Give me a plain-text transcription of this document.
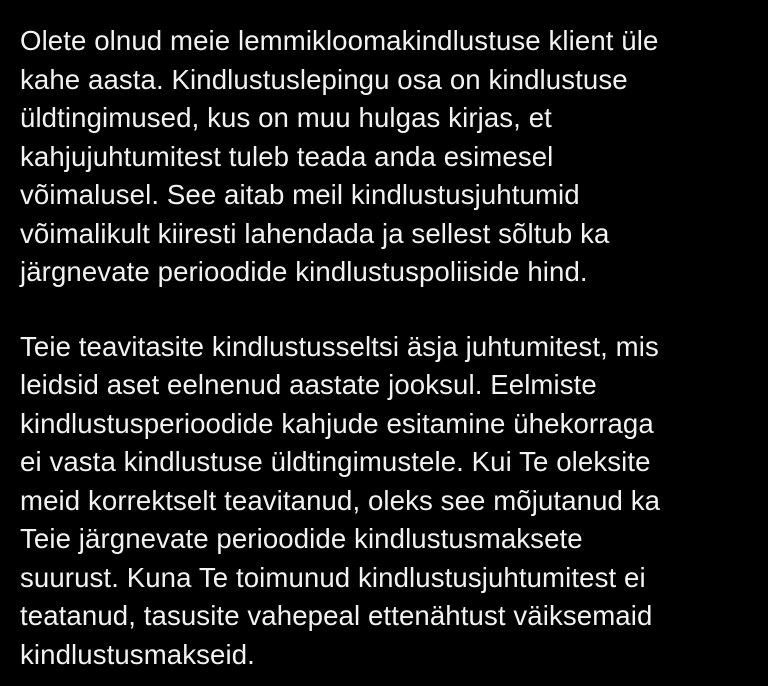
Olete olnud meie lemmikloomakindlustuse klient üle
kahe aasta. Kindlustuslepingu osa on kindlustuse
üldtingimused, kus on muu hulgas kirjas, et
kahjujuhtumitest tuleb teada anda esimesel
võimalusel. See aitab meil kindlustusjuhtumid
võimalikult kiiresti lahendada ja sellest sõltub ka
järgnevate perioodide kindlustuspoliiside hind.

Teie teavitasite kindlustusseltsi äsja juhtumitest, mis
leidsid aset eelnenud aastate jooksul. Eelmiste
kindlustusperioodide kahjude esitamine ühekorraga
ei vasta kindlustuse üldtingimustele. Kui Te oleksite
meid korrektselt teavitanud, oleks see mõjutanud ka
Teie järgnevate perioodide kindlustusmaksete
suurust. Kuna Te toimunud kindlustusjuhtumitest ei
teatanud, tasusite vahepeal ettenähtust väiksemaid
kindlustusmakseid.
